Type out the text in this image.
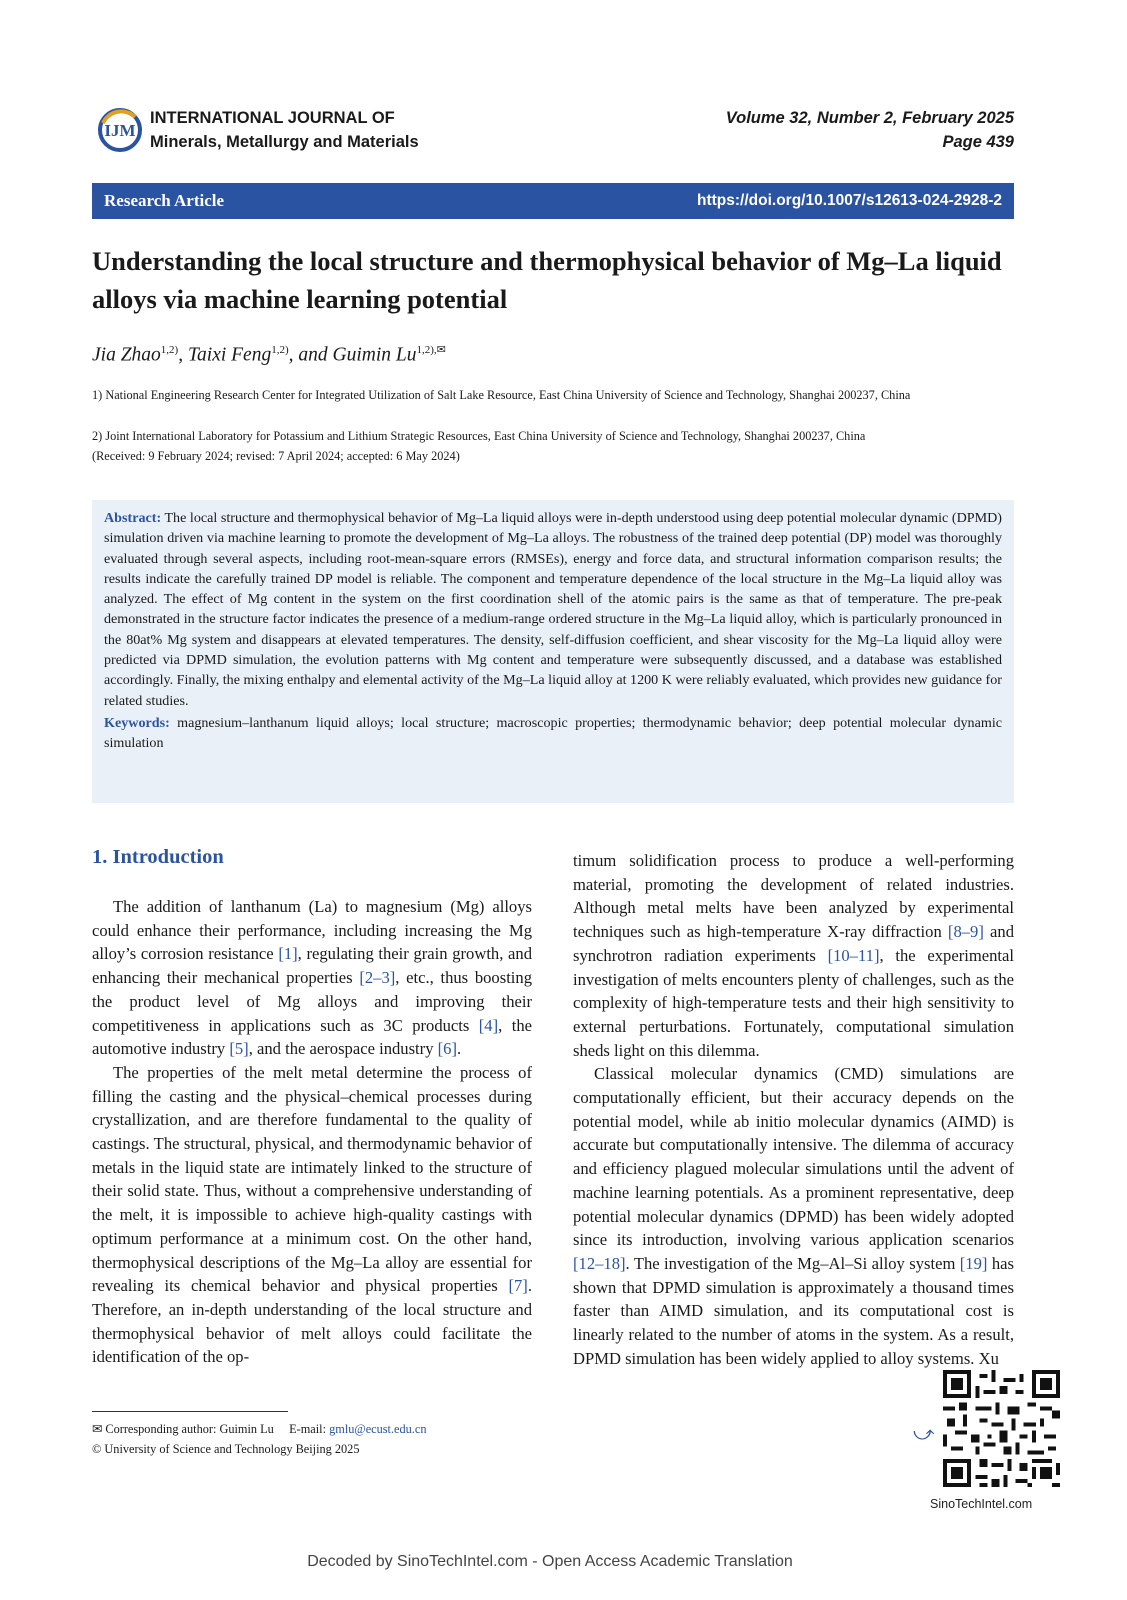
IJM
INTERNATIONAL JOURNAL OF
Minerals, Metallurgy and Materials
Volume 32, Number 2, February 2025
Page 439
Research Article	https://doi.org/10.1007/s12613-024-2928-2
Understanding the local structure and thermophysical behavior of Mg–La liquid alloys via machine learning potential
Jia Zhao$^{1,2)}$, Taixi Feng$^{1,2)}$, and Guimin $Lu^{1,2),✉}$
1) National Engineering Research Center for Integrated Utilization of Salt Lake Resource, East China University of Science and Technology, Shanghai 200237, China
2) Joint International Laboratory for Potassium and Lithium Strategic Resources, East China University of Science and Technology, Shanghai 200237, China
(Received: 9 February 2024; revised: 7 April 2024; accepted: 6 May 2024)

Abstract: The local structure and thermophysical behavior of Mg–La liquid alloys were in-depth understood using deep potential molecular dynamic (DPMD) simulation driven via machine learning to promote the development of Mg–La alloys. The robustness of the trained deep potential (DP) model was thoroughly evaluated through several aspects, including root-mean-square errors (RMSEs), energy and force data, and structural information comparison results; the results indicate the carefully trained DP model is reliable. The component and temperature dependence of the local structure in the Mg–La liquid alloy was analyzed. The effect of Mg content in the system on the first coordination shell of the atomic pairs is the same as that of temperature. The pre-peak demonstrated in the structure factor indicates the presence of a medium-range ordered structure in the Mg–La liquid alloy, which is particularly pronounced in the 80at% Mg system and disappears at elevated temperatures. The density, self-diffusion coefficient, and shear viscosity for the Mg–La liquid alloy were predicted via DPMD simulation, the evolution patterns with Mg content and temperature were subsequently discussed, and a database was established accordingly. Finally, the mixing enthalpy and elemental activity of the Mg–La liquid alloy at 1200 K were reliably evaluated, which provides new guidance for related studies.

Keywords: magnesium–lanthanum liquid alloys; local structure; macroscopic properties; thermodynamic behavior; deep potential molecular dynamic simulation

1. Introduction

The addition of lanthanum (La) to magnesium (Mg) alloys could enhance their performance, including increasing the Mg alloy’s corrosion resistance [1], regulating their grain growth, and enhancing their mechanical properties [2–3], etc., thus boosting the product level of Mg alloys and improving their competitiveness in applications such as 3C products [4], the automotive industry [5], and the aerospace industry [6].

The properties of the melt metal determine the process of filling the casting and the physical–chemical processes during crystallization, and are therefore fundamental to the quality of castings. The structural, physical, and thermodynamic behavior of metals in the liquid state are intimately linked to the structure of their solid state. Thus, without a comprehensive understanding of the melt, it is impossible to achieve high-quality castings with optimum performance at a minimum cost. On the other hand, thermophysical descriptions of the Mg–La alloy are essential for revealing its chemical behavior and physical properties [7]. Therefore, an in-depth understanding of the local structure and thermophysical behavior of melt alloys could facilitate the identification of the op-

timum solidification process to produce a well-performing material, promoting the development of related industries. Although metal melts have been analyzed by experimental techniques such as high-temperature X-ray diffraction [8–9] and synchrotron radiation experiments [10–11], the experimental investigation of melts encounters plenty of challenges, such as the complexity of high-temperature tests and their high sensitivity to external perturbations. Fortunately, computational simulation sheds light on this dilemma.

Classical molecular dynamics (CMD) simulations are computationally efficient, but their accuracy depends on the potential model, while ab initio molecular dynamics (AIMD) is accurate but computationally intensive. The dilemma of accuracy and efficiency plagued molecular simulations until the advent of machine learning potentials. As a prominent representative, deep potential molecular dynamics (DPMD) has been widely adopted since its introduction, involving various application scenarios [12–18]. The investigation of the Mg–Al–Si alloy system [19] has shown that DPMD simulation is approximately a thousand times faster than AIMD simulation, and its computational cost is linearly related to the number of atoms in the system. As a result, DPMD simulation has been widely applied to alloy systems. Xu

✉ Corresponding author: Guimin Lu E-mail: gmlu@ecust.edu.cn
© University of Science and Technology Beijing 2025
⤻
SinoTechIntel.com
Decoded by SinoTechIntel.com - Open Access Academic Translation
